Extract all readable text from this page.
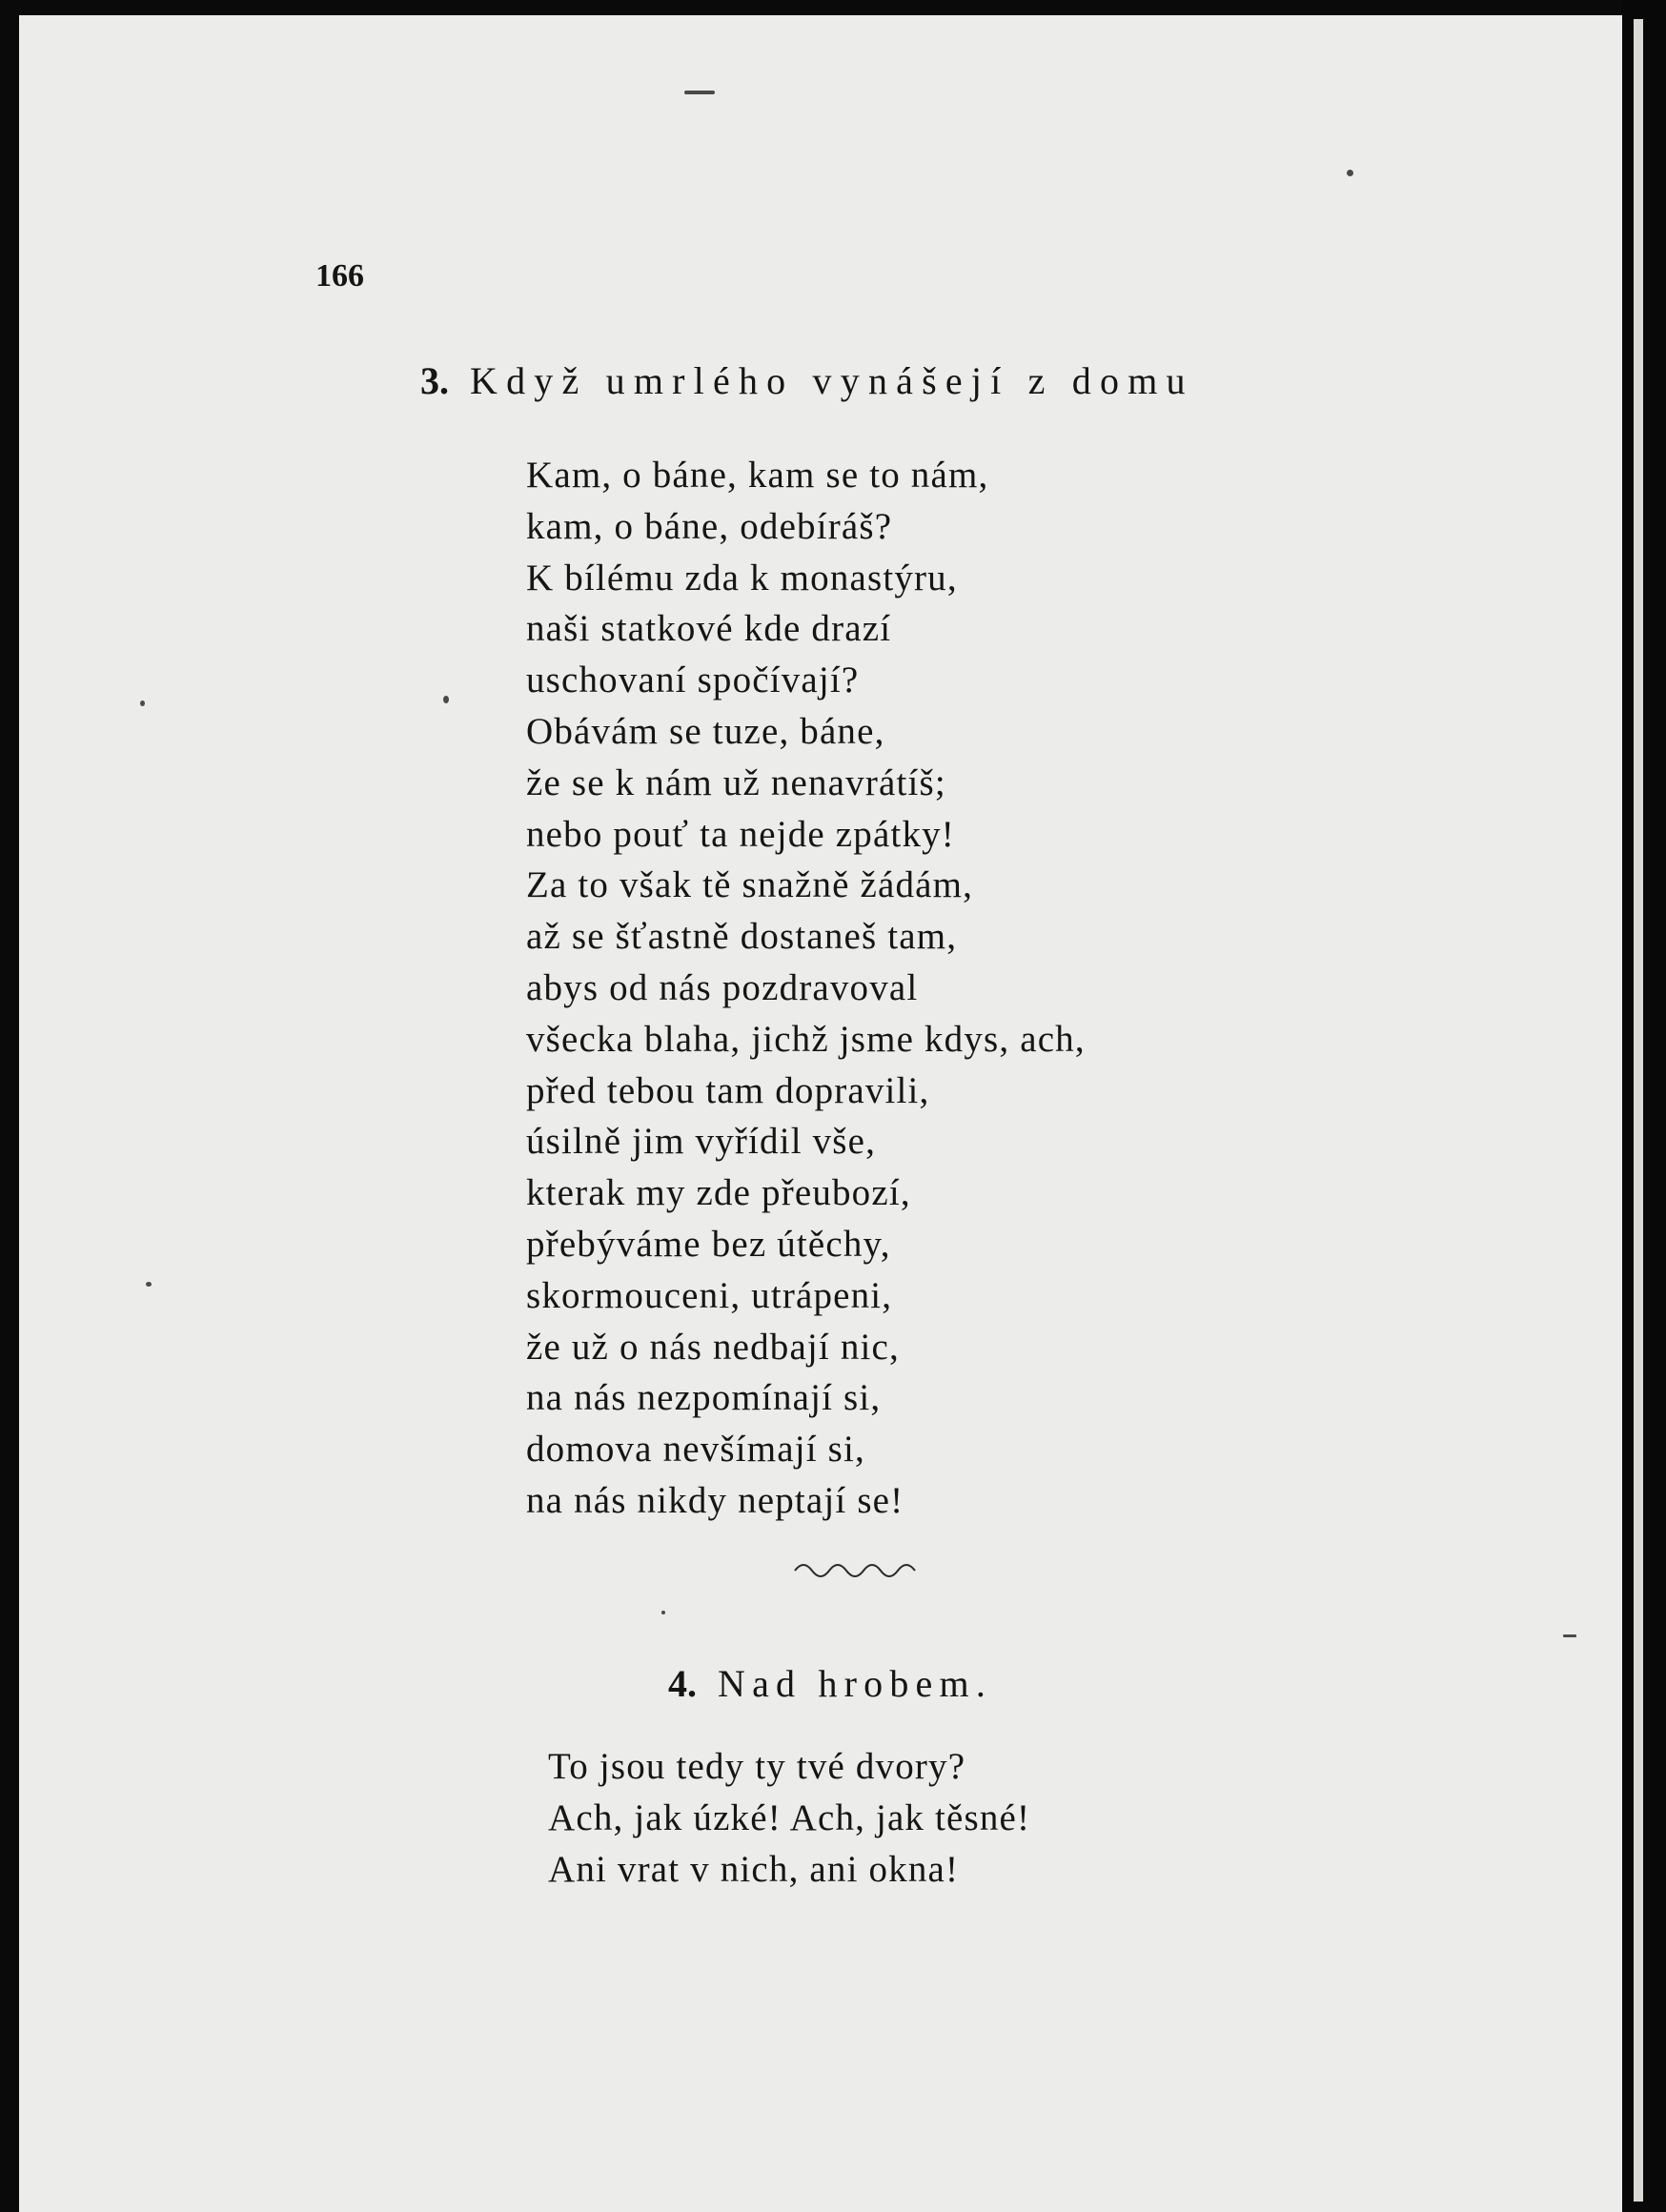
166
3. Když umrlého vynášejí z domu
Kam, o báne, kam se to nám,
kam, o báne, odebíráš?
K bílému zda k monastýru,
naši statkové kde drazí
uschovaní spočívají?
Obávám se tuze, báne,
že se k nám už nenavrátíš;
nebo pouť ta nejde zpátky!
Za to však tě snažně žádám,
až se šťastně dostaneš tam,
abys od nás pozdravoval
všecka blaha, jichž jsme kdys, ach,
před tebou tam dopravili,
úsilně jim vyřídil vše,
kterak my zde přeubozí,
přebýváme bez útěchy,
skormouceni, utrápeni,
že už o nás nedbají nic,
na nás nezpomínají si,
domova nevšímají si,
na nás nikdy neptají se!
4. Nad hrobem.
To jsou tedy ty tvé dvory?
Ach, jak úzké! Ach, jak těsné!
Ani vrat v nich, ani okna!
